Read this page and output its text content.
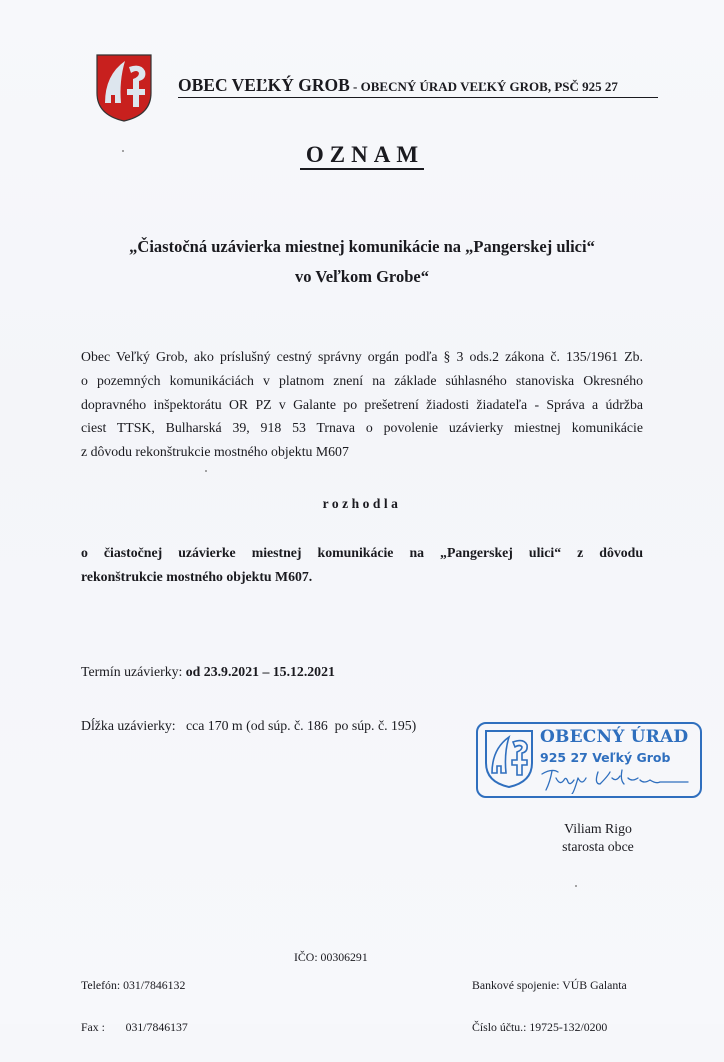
OBEC VEĽKÝ GROB - OBECNÝ ÚRAD VEĽKÝ GROB, PSČ 925 27
OZNAM
„Čiastočná uzávierka miestnej komunikácie na „Pangerskej ulici“
vo Veľkom Grobe“
Obec Veľký Grob, ako príslušný cestný správny orgán podľa § 3 ods.2 zákona č. 135/1961 Zb.
o pozemných komunikáciách v platnom znení na základe súhlasného stanoviska Okresného
dopravného inšpektorátu OR PZ v Galante po prešetrení žiadosti žiadateľa - Správa a údržba
ciest TTSK, Bulharská 39, 918 53 Trnava o povolenie uzávierky miestnej komunikácie
z dôvodu rekonštrukcie mostného objektu M607
rozhodla
o čiastočnej uzávierke miestnej komunikácie na „Pangerskej ulici“ z dôvodu
rekonštrukcie mostného objektu M607.

Termín uzávierky: od 23.9.2021 – 15.12.2021

Dĺžka uzávierky:   cca 170 m (od súp. č. 186  po súp. č. 195)

OBECNÝ ÚRAD
925 27 Veľký Grob
Viliam Rigo
starosta obce

Telefón: 031/7846132

Fax :       031/7846137

IČO: 00306291

Bankové spojenie: VÚB Galanta

Číslo účtu.: 19725-132/0200
